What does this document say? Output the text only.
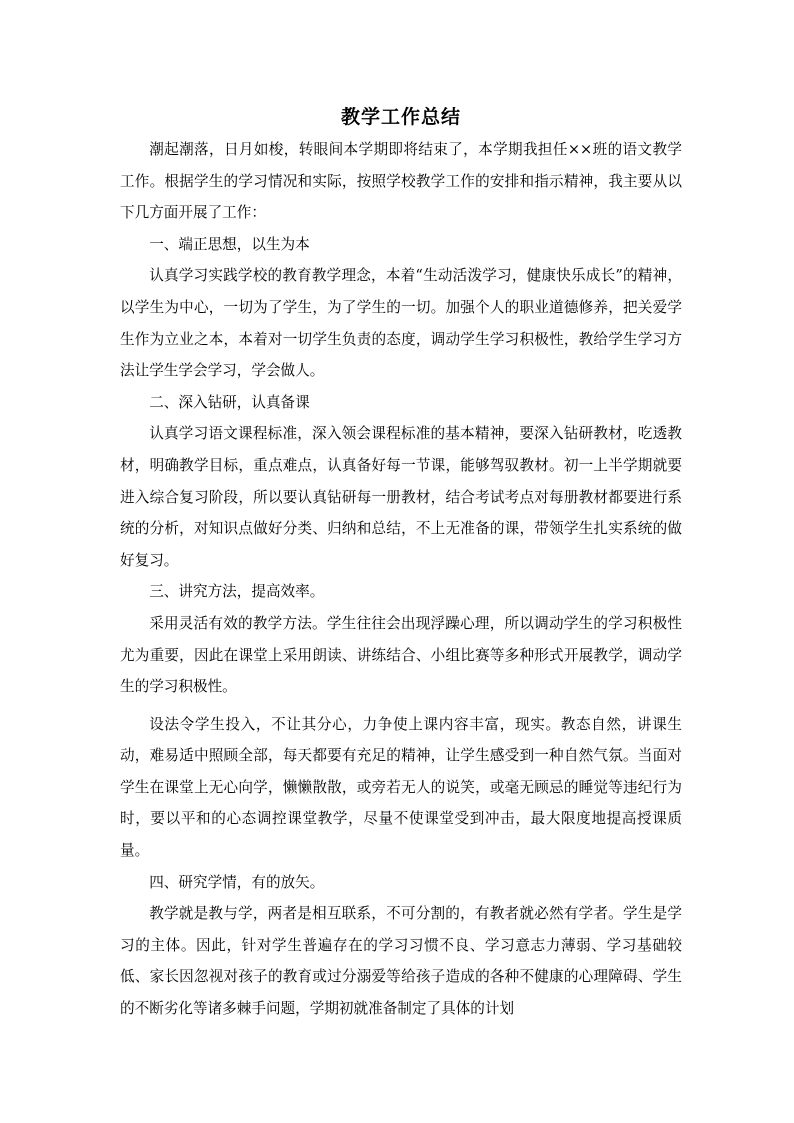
教学工作总结

潮起潮落，日月如梭，转眼间本学期即将结束了，本学期我担任××班的语文教学工作。根据学生的学习情况和实际，按照学校教学工作的安排和指示精神，我主要从以下几方面开展了工作：

一、端正思想，以生为本

认真学习实践学校的教育教学理念，本着“生动活泼学习，健康快乐成长”的精神，以学生为中心，一切为了学生，为了学生的一切。加强个人的职业道德修养，把关爱学生作为立业之本，本着对一切学生负责的态度，调动学生学习积极性，教给学生学习方法让学生学会学习，学会做人。

二、深入钻研，认真备课

认真学习语文课程标准，深入领会课程标准的基本精神，要深入钻研教材，吃透教材，明确教学目标，重点难点，认真备好每一节课，能够驾驭教材。初一上半学期就要进入综合复习阶段，所以要认真钻研每一册教材，结合考试考点对每册教材都要进行系统的分析，对知识点做好分类、归纳和总结，不上无准备的课，带领学生扎实系统的做好复习。

三、讲究方法，提高效率。

采用灵活有效的教学方法。学生往往会出现浮躁心理，所以调动学生的学习积极性尤为重要，因此在课堂上采用朗读、讲练结合、小组比赛等多种形式开展教学，调动学生的学习积极性。

设法令学生投入，不让其分心，力争使上课内容丰富，现实。教态自然，讲课生动，难易适中照顾全部，每天都要有充足的精神，让学生感受到一种自然气氛。当面对学生在课堂上无心向学，懒懒散散，或旁若无人的说笑，或毫无顾忌的睡觉等违纪行为时，要以平和的心态调控课堂教学，尽量不使课堂受到冲击，最大限度地提高授课质量。

四、研究学情，有的放矢。

教学就是教与学，两者是相互联系，不可分割的，有教者就必然有学者。学生是学习的主体。因此，针对学生普遍存在的学习习惯不良、学习意志力薄弱、学习基础较低、家长因忽视对孩子的教育或过分溺爱等给孩子造成的各种不健康的心理障碍、学生的不断劣化等诸多棘手问题，学期初就准备制定了具体的计划
